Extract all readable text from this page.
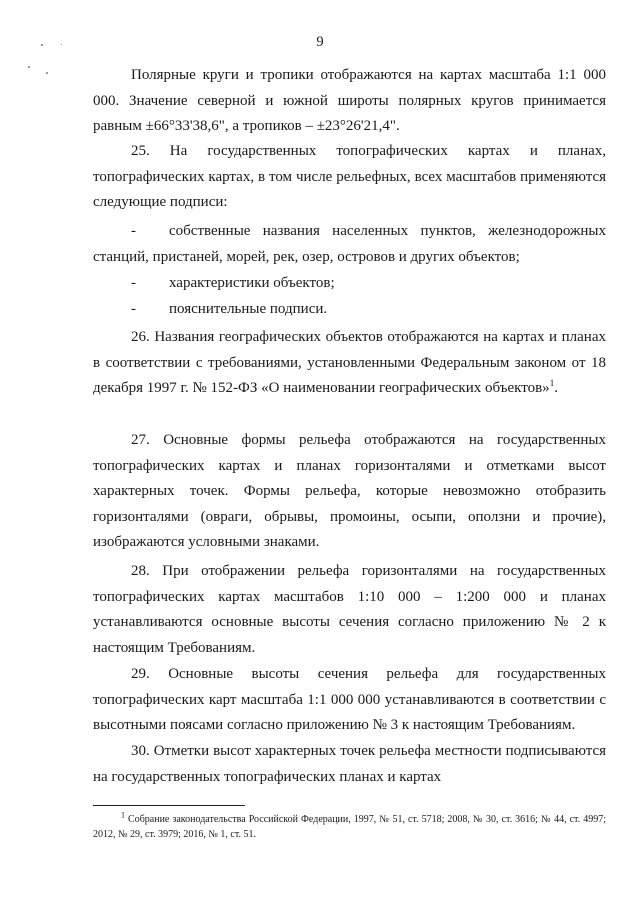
9

Полярные круги и тропики отображаются на картах масштаба 1:1 000 000. Значение северной и южной широты полярных кругов принимается равным ±66°33'38,6", а тропиков – ±23°26'21,4".

25. На государственных топографических картах и планах, топографических картах, в том числе рельефных, всех масштабов применяются следующие подписи:

- собственные названия населенных пунктов, железнодорожных станций, пристаней, морей, рек, озер, островов и других объектов;

- характеристики объектов;

- пояснительные подписи.

26. Названия географических объектов отображаются на картах и планах в соответствии с требованиями, установленными Федеральным законом от 18 декабря 1997 г. № 152-ФЗ «О наименовании географических объектов»$^1$.

27. Основные формы рельефа отображаются на государственных топографических картах и планах горизонталями и отметками высот характерных точек. Формы рельефа, которые невозможно отобразить горизонталями (овраги, обрывы, промоины, осыпи, оползни и прочие), изображаются условными знаками.

28. При отображении рельефа горизонталями на государственных топографических картах масштабов 1:10 000 – 1:200 000 и планах устанавливаются основные высоты сечения согласно приложению № 2 к настоящим Требованиям.

29. Основные высоты сечения рельефа для государственных топографических карт масштаба 1:1 000 000 устанавливаются в соответствии с высотными поясами согласно приложению № 3 к настоящим Требованиям.

30. Отметки высот характерных точек рельефа местности подписываются на государственных топографических планах и картах

$^1$ Собрание законодательства Российской Федерации, 1997, № 51, ст. 5718; 2008, № 30, ст. 3616; № 44, ст. 4997; 2012, № 29, ст. 3979; 2016, № 1, ст. 51.
